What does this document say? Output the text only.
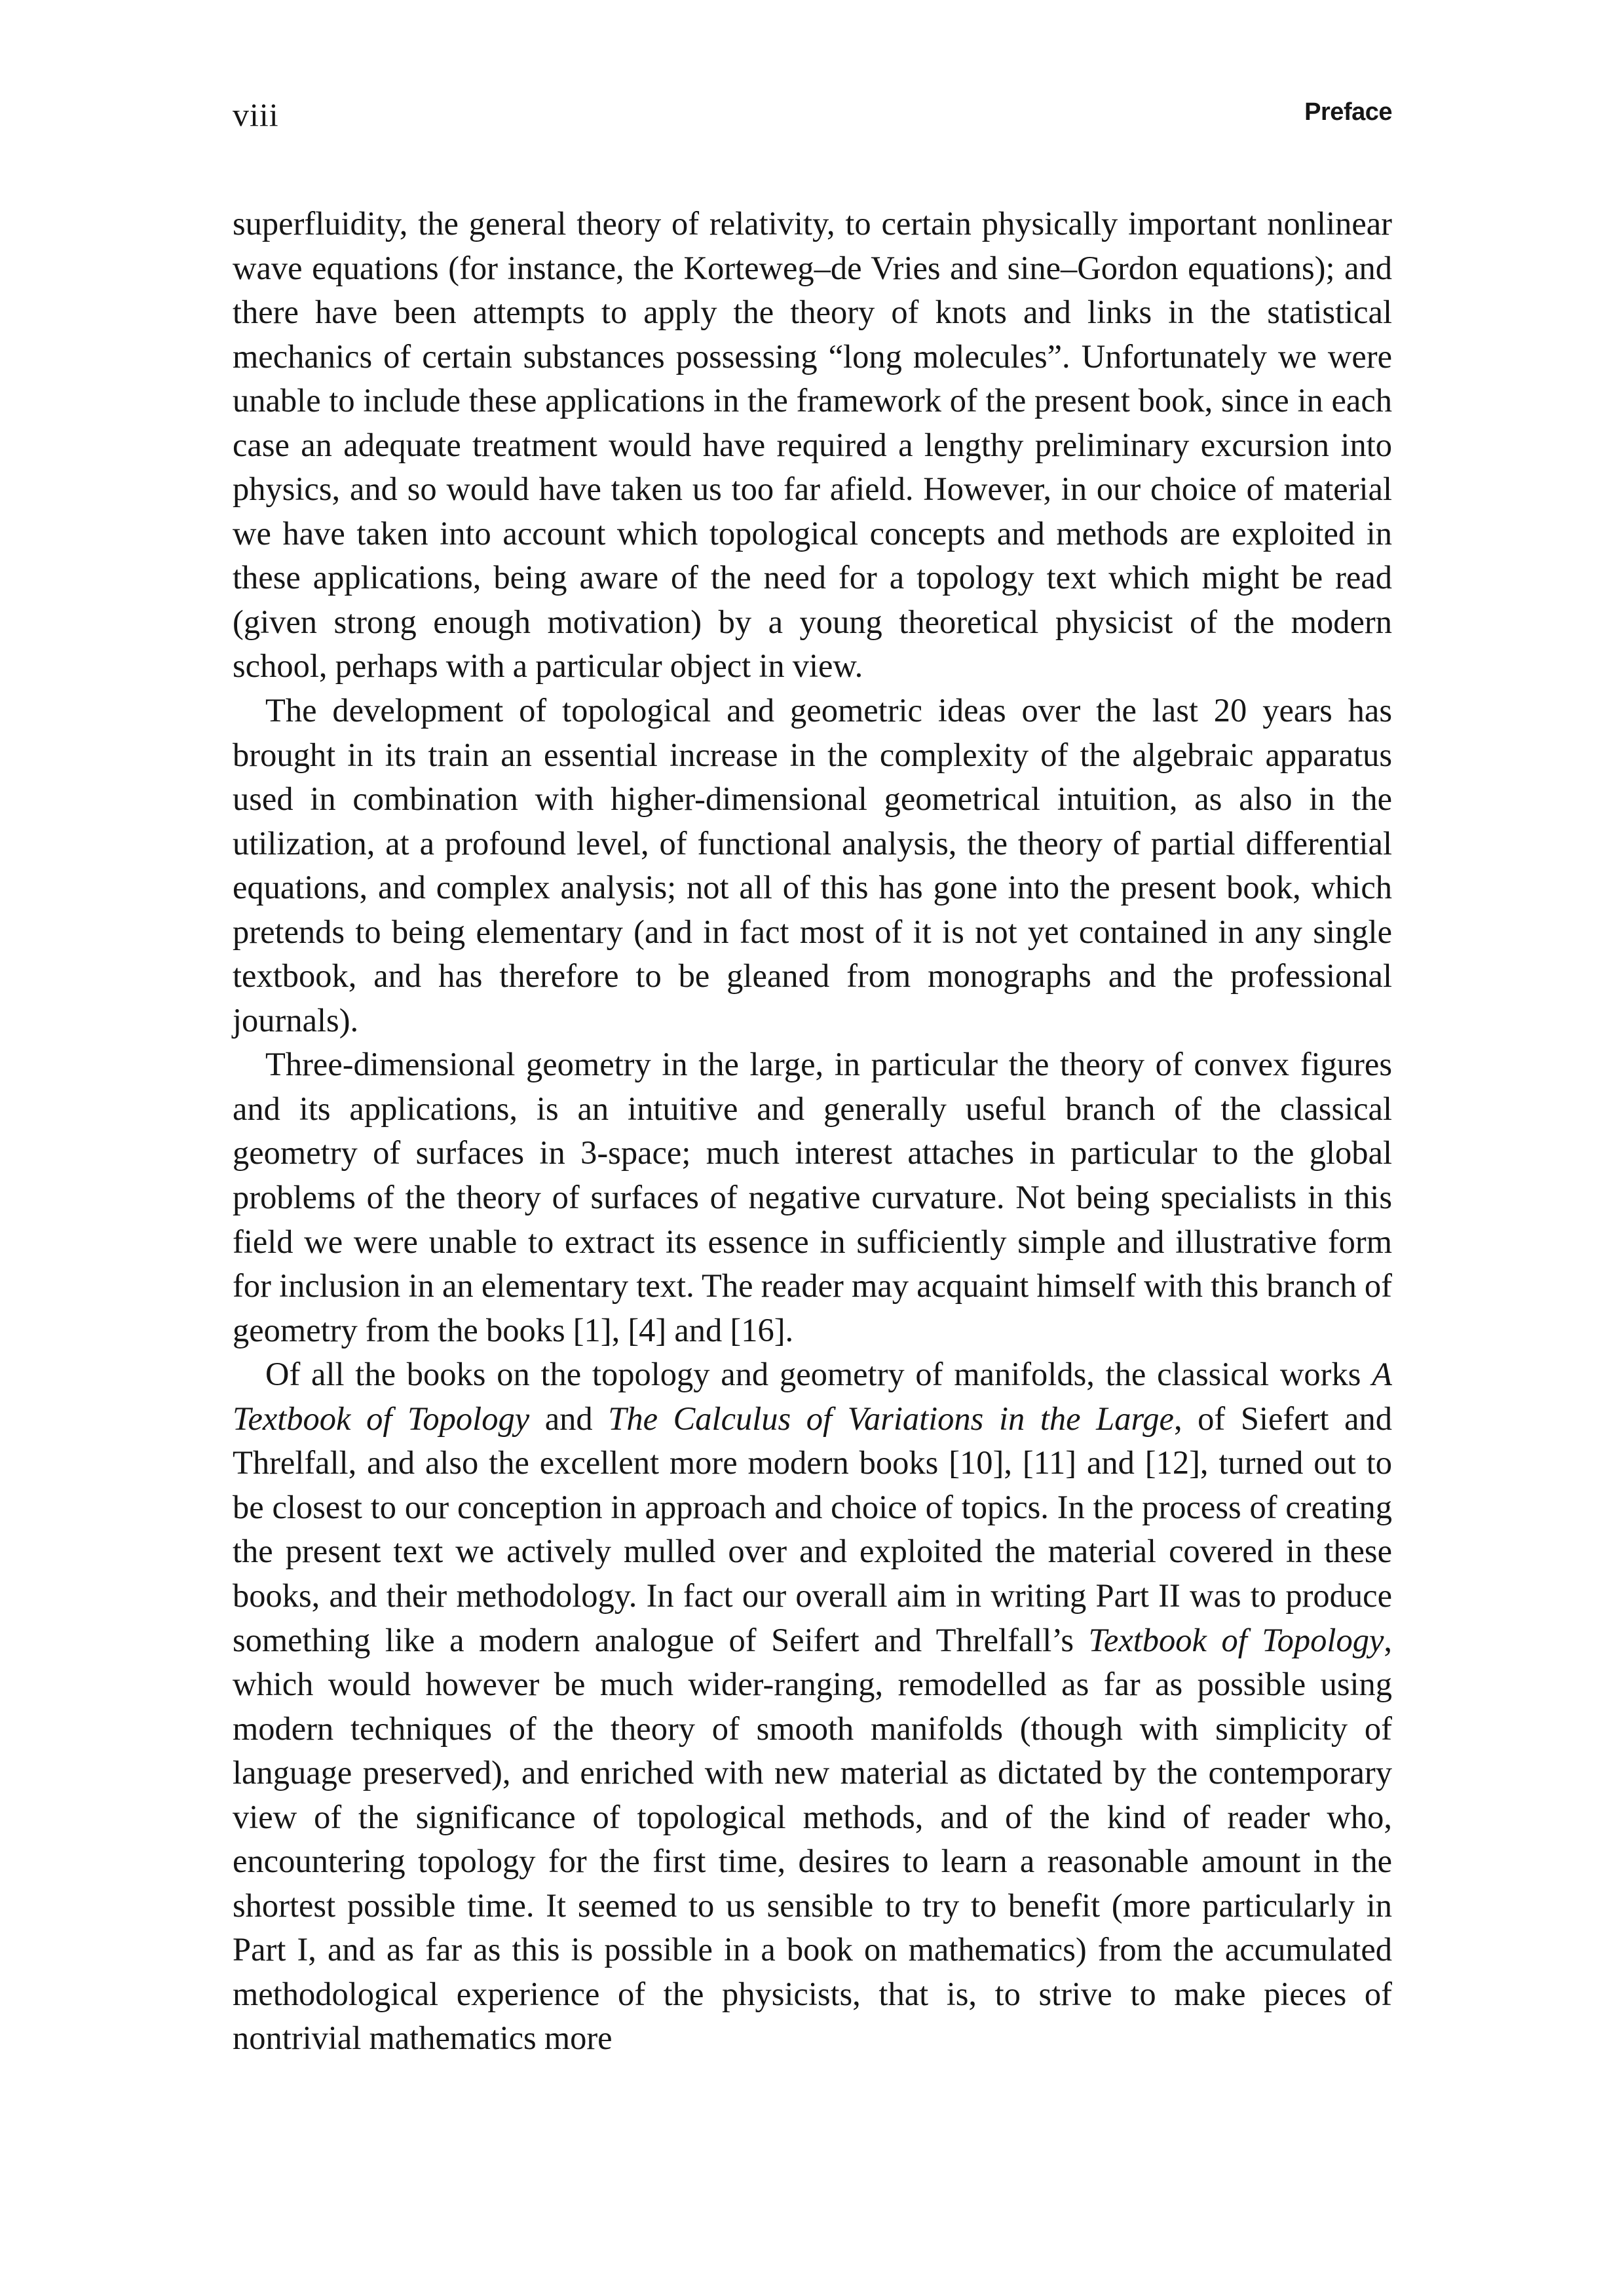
viii	Preface

superfluidity, the general theory of relativity, to certain physically important nonlinear wave equations (for instance, the Korteweg–de Vries and sine–Gordon equations); and there have been attempts to apply the theory of knots and links in the statistical mechanics of certain substances possessing “long molecules”. Unfortunately we were unable to include these applications in the framework of the present book, since in each case an adequate treatment would have required a lengthy preliminary excursion into physics, and so would have taken us too far afield. However, in our choice of material we have taken into account which topological concepts and methods are exploited in these applications, being aware of the need for a topology text which might be read (given strong enough motivation) by a young theoretical physicist of the modern school, perhaps with a particular object in view.

The development of topological and geometric ideas over the last 20 years has brought in its train an essential increase in the complexity of the algebraic apparatus used in combination with higher-dimensional geometrical intuition, as also in the utilization, at a profound level, of functional analysis, the theory of partial differential equations, and complex analysis; not all of this has gone into the present book, which pretends to being elementary (and in fact most of it is not yet contained in any single textbook, and has therefore to be gleaned from monographs and the professional journals).

Three-dimensional geometry in the large, in particular the theory of convex figures and its applications, is an intuitive and generally useful branch of the classical geometry of surfaces in 3-space; much interest attaches in particular to the global problems of the theory of surfaces of negative curvature. Not being specialists in this field we were unable to extract its essence in sufficiently simple and illustrative form for inclusion in an elementary text. The reader may acquaint himself with this branch of geometry from the books [1], [4] and [16].

Of all the books on the topology and geometry of manifolds, the classical works A Textbook of Topology and The Calculus of Variations in the Large, of Siefert and Threlfall, and also the excellent more modern books [10], [11] and [12], turned out to be closest to our conception in approach and choice of topics. In the process of creating the present text we actively mulled over and exploited the material covered in these books, and their methodology. In fact our overall aim in writing Part II was to produce something like a modern analogue of Seifert and Threlfall’s Textbook of Topology, which would however be much wider-ranging, remodelled as far as possible using modern techniques of the theory of smooth manifolds (though with simplicity of language preserved), and enriched with new material as dictated by the contemporary view of the significance of topological methods, and of the kind of reader who, encountering topology for the first time, desires to learn a reasonable amount in the shortest possible time. It seemed to us sensible to try to benefit (more particularly in Part I, and as far as this is possible in a book on mathematics) from the accumulated methodological experience of the physicists, that is, to strive to make pieces of nontrivial mathematics more
